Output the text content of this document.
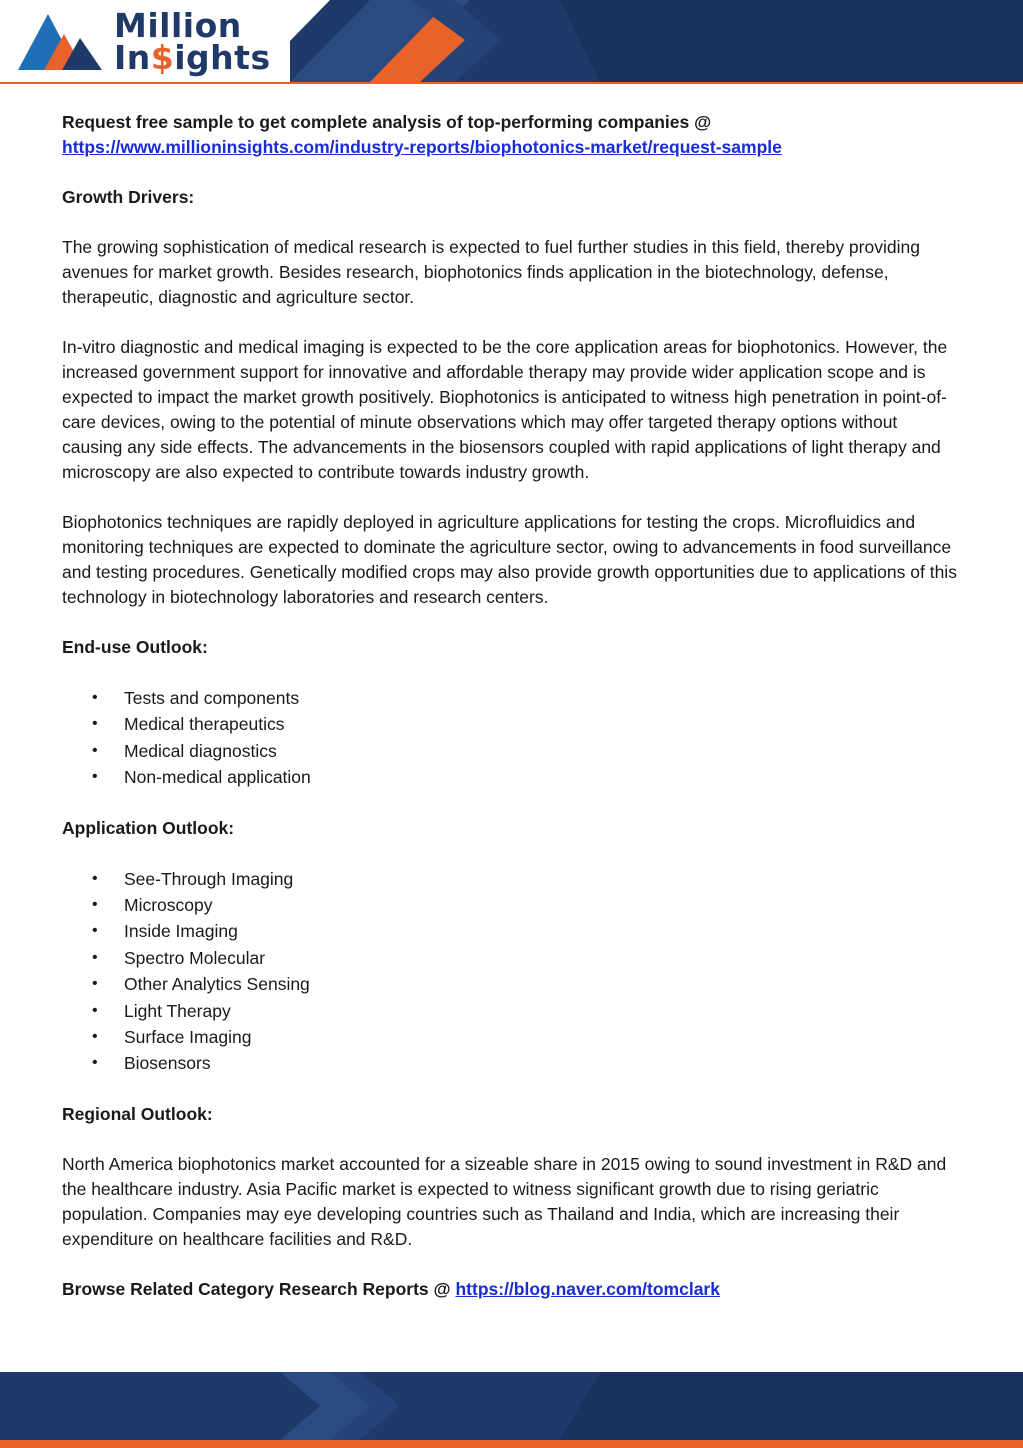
Million
In$ights

Request free sample to get complete analysis of top-performing companies @

https://www.millioninsights.com/industry-reports/biophotonics-market/request-sample

Growth Drivers:

The growing sophistication of medical research is expected to fuel further studies in this field, thereby providing avenues for market growth. Besides research, biophotonics finds application in the biotechnology, defense, therapeutic, diagnostic and agriculture sector.

In-vitro diagnostic and medical imaging is expected to be the core application areas for biophotonics. However, the increased government support for innovative and affordable therapy may provide wider application scope and is expected to impact the market growth positively. Biophotonics is anticipated to witness high penetration in point-of-care devices, owing to the potential of minute observations which may offer targeted therapy options without causing any side effects. The advancements in the biosensors coupled with rapid applications of light therapy and microscopy are also expected to contribute towards industry growth.

Biophotonics techniques are rapidly deployed in agriculture applications for testing the crops. Microfluidics and monitoring techniques are expected to dominate the agriculture sector, owing to advancements in food surveillance and testing procedures. Genetically modified crops may also provide growth opportunities due to applications of this technology in biotechnology laboratories and research centers.

End-use Outlook:

• Tests and components
• Medical therapeutics
• Medical diagnostics
• Non-medical application

Application Outlook:

• See-Through Imaging
• Microscopy
• Inside Imaging
• Spectro Molecular
• Other Analytics Sensing
• Light Therapy
• Surface Imaging
• Biosensors

Regional Outlook:

North America biophotonics market accounted for a sizeable share in 2015 owing to sound investment in R&D and the healthcare industry. Asia Pacific market is expected to witness significant growth due to rising geriatric population. Companies may eye developing countries such as Thailand and India, which are increasing their expenditure on healthcare facilities and R&D.

Browse Related Category Research Reports @ https://blog.naver.com/tomclark
